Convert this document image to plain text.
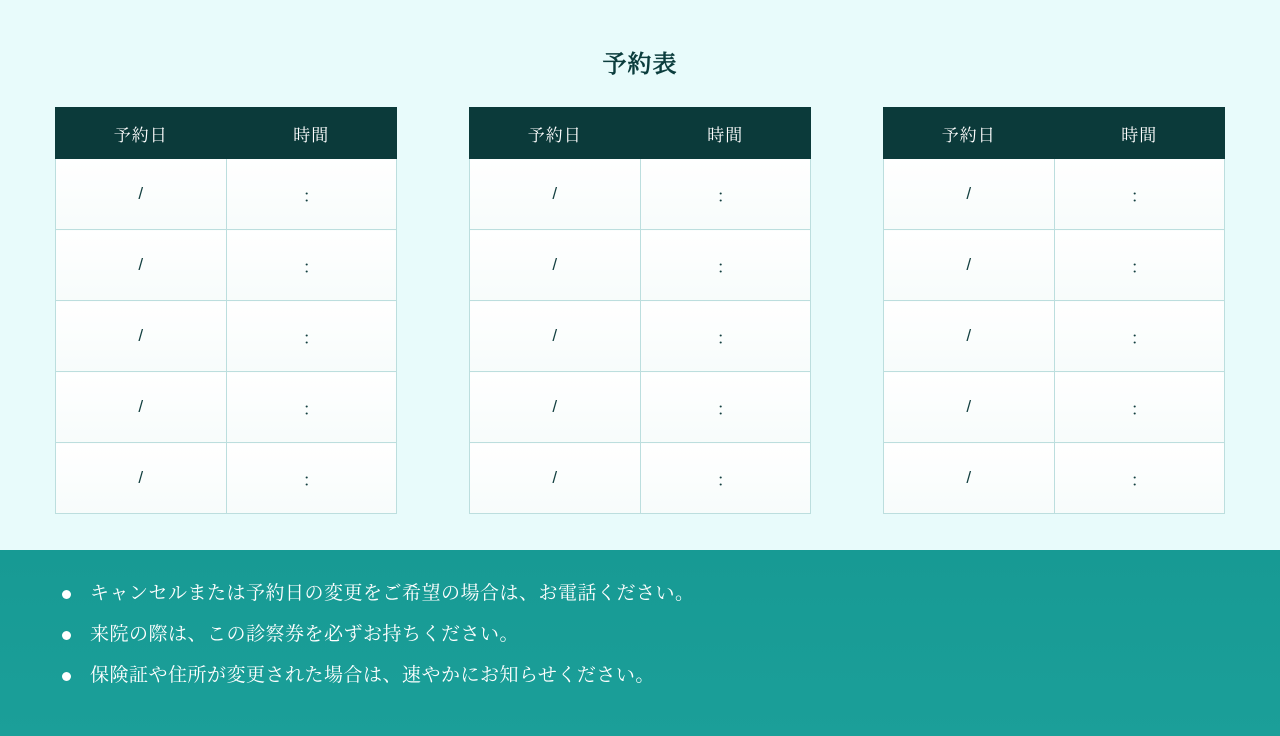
予約表
予約日	時間
/	：
/	：
/	：
/	：
/	：
予約日	時間
/	：
/	：
/	：
/	：
/	：
予約日	時間
/	：
/	：
/	：
/	：
/	：
キャンセルまたは予約日の変更をご希望の場合は、お電話ください。
来院の際は、この診察券を必ずお持ちください。
保険証や住所が変更された場合は、速やかにお知らせください。
